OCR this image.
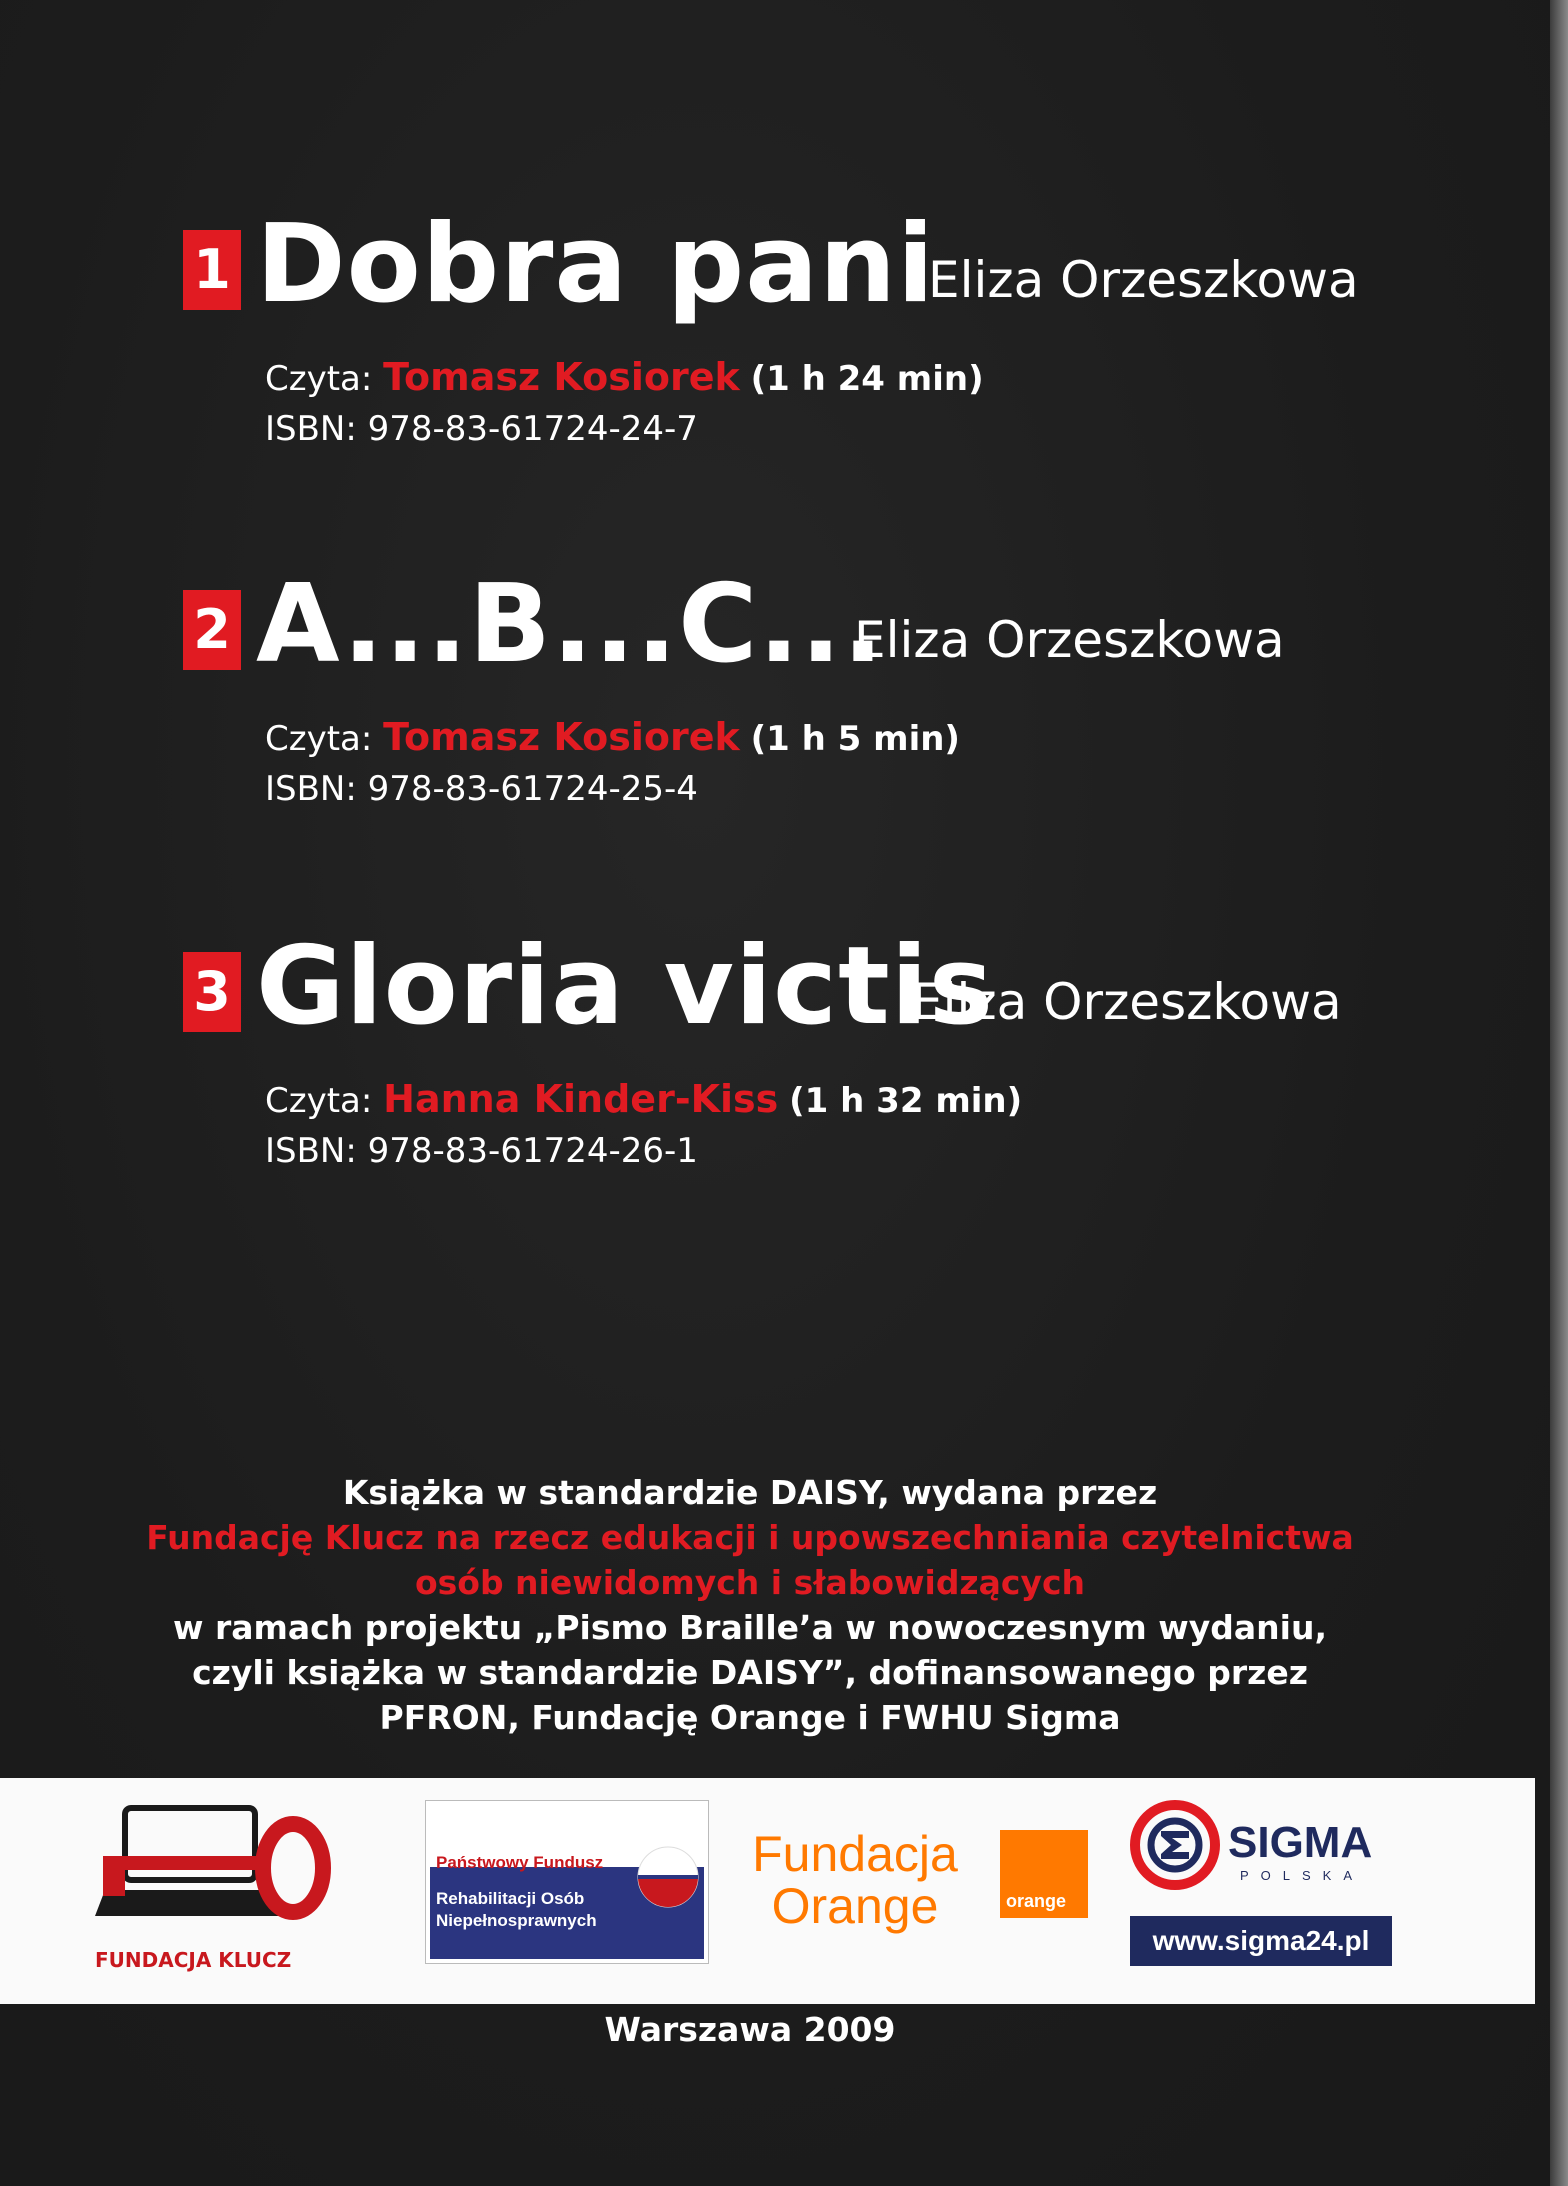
1 Dobra pani
Eliza Orzeszkowa
Czyta: Tomasz Kosiorek (1 h 24 min)
ISBN: 978-83-61724-24-7
2 A...B...C...
Eliza Orzeszkowa
Czyta: Tomasz Kosiorek (1 h 5 min)
ISBN: 978-83-61724-25-4
3 Gloria victis
Eliza Orzeszkowa
Czyta: Hanna Kinder-Kiss (1 h 32 min)
ISBN: 978-83-61724-26-1
Książka w standardzie DAISY, wydana przez
Fundację Klucz na rzecz edukacji i upowszechniania czytelnictwa
osób niewidomych i słabowidzących
w ramach projektu „Pismo Braille’a w nowoczesnym wydaniu,
czyli książka w standardzie DAISY”, dofinansowanego przez
PFRON, Fundację Orange i FWHU Sigma
FUNDACJA KLUCZ
Państwowy Fundusz
Rehabilitacji Osób
Niepełnosprawnych
Fundacja
Orange	orange
SIGMA
POLSKA
www.sigma24.pl
Warszawa 2009
